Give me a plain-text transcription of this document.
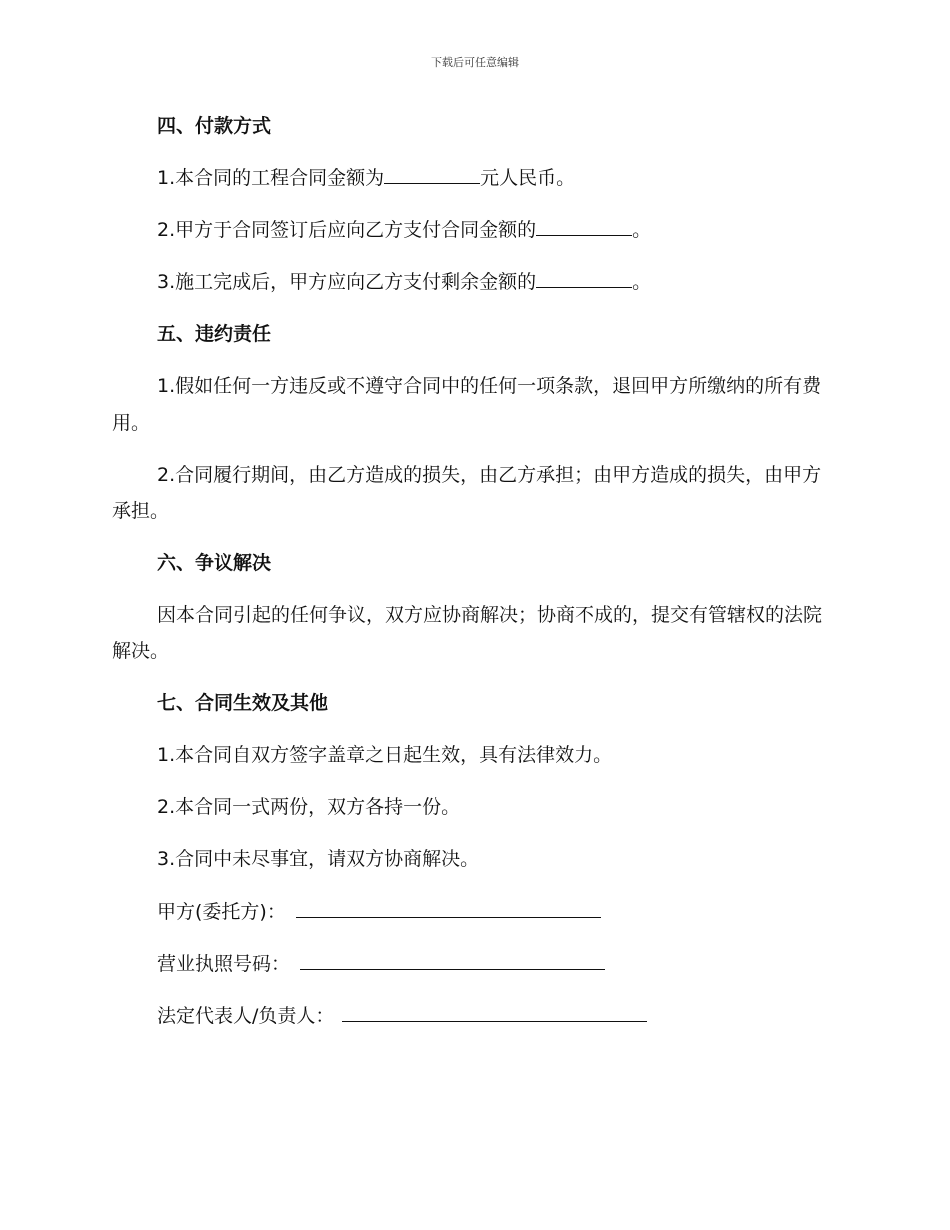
下载后可任意编辑
四、付款方式
1.本合同的工程合同金额为	元人民币。
2.甲方于合同签订后应向乙方支付合同金额的	。
3.施工完成后，甲方应向乙方支付剩余金额的	。
五、违约责任
1.假如任何一方违反或不遵守合同中的任何一项条款，退回甲方所缴纳的所有费用。
2.合同履行期间，由乙方造成的损失，由乙方承担；由甲方造成的损失，由甲方承担。
六、争议解决
因本合同引起的任何争议，双方应协商解决；协商不成的，提交有管辖权的法院解决。
七、合同生效及其他
1.本合同自双方签字盖章之日起生效，具有法律效力。
2.本合同一式两份，双方各持一份。
3.合同中未尽事宜，请双方协商解决。
甲方(委托方)：
营业执照号码：
法定代表人/负责人：
